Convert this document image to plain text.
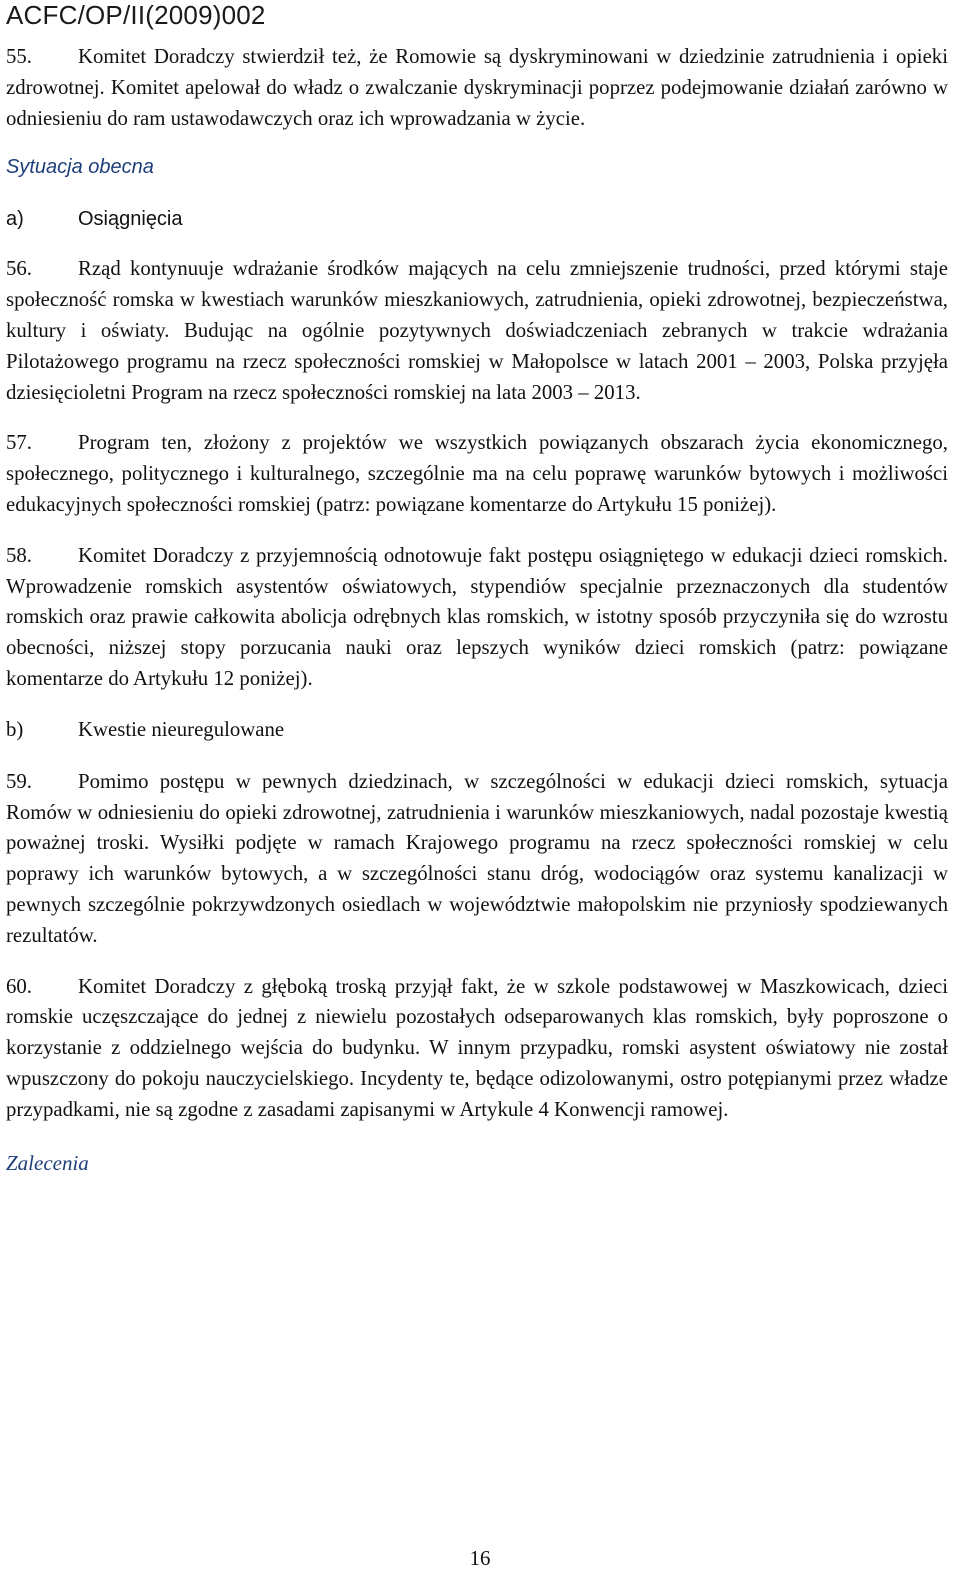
ACFC/OP/II(2009)002

55. Komitet Doradczy stwierdził też, że Romowie są dyskryminowani w dziedzinie zatrudnienia i opieki zdrowotnej. Komitet apelował do władz o zwalczanie dyskryminacji poprzez podejmowanie działań zarówno w odniesieniu do ram ustawodawczych oraz ich wprowadzania w życie.

Sytuacja obecna
a)	Osiągnięcia

56. Rząd kontynuuje wdrażanie środków mających na celu zmniejszenie trudności, przed którymi staje społeczność romska w kwestiach warunków mieszkaniowych, zatrudnienia, opieki zdrowotnej, bezpieczeństwa, kultury i oświaty. Budując na ogólnie pozytywnych doświadczeniach zebranych w trakcie wdrażania Pilotażowego programu na rzecz społeczności romskiej w Małopolsce w latach 2001 – 2003, Polska przyjęła dziesięcioletni Program na rzecz społeczności romskiej na lata 2003 – 2013.

57. Program ten, złożony z projektów we wszystkich powiązanych obszarach życia ekonomicznego, społecznego, politycznego i kulturalnego, szczególnie ma na celu poprawę warunków bytowych i możliwości edukacyjnych społeczności romskiej (patrz: powiązane komentarze do Artykułu 15 poniżej).

58. Komitet Doradczy z przyjemnością odnotowuje fakt postępu osiągniętego w edukacji dzieci romskich. Wprowadzenie romskich asystentów oświatowych, stypendiów specjalnie przeznaczonych dla studentów romskich oraz prawie całkowita abolicja odrębnych klas romskich, w istotny sposób przyczyniła się do wzrostu obecności, niższej stopy porzucania nauki oraz lepszych wyników dzieci romskich (patrz: powiązane komentarze do Artykułu 12 poniżej).

b)	Kwestie nieuregulowane

59. Pomimo postępu w pewnych dziedzinach, w szczególności w edukacji dzieci romskich, sytuacja Romów w odniesieniu do opieki zdrowotnej, zatrudnienia i warunków mieszkaniowych, nadal pozostaje kwestią poważnej troski. Wysiłki podjęte w ramach Krajowego programu na rzecz społeczności romskiej w celu poprawy ich warunków bytowych, a w szczególności stanu dróg, wodociągów oraz systemu kanalizacji w pewnych szczególnie pokrzywdzonych osiedlach w województwie małopolskim nie przyniosły spodziewanych rezultatów.

60. Komitet Doradczy z głęboką troską przyjął fakt, że w szkole podstawowej w Maszkowicach, dzieci romskie uczęszczające do jednej z niewielu pozostałych odseparowanych klas romskich, były poproszone o korzystanie z oddzielnego wejścia do budynku. W innym przypadku, romski asystent oświatowy nie został wpuszczony do pokoju nauczycielskiego. Incydenty te, będące odizolowanymi, ostro potępianymi przez władze przypadkami, nie są zgodne z zasadami zapisanymi w Artykule 4 Konwencji ramowej.

Zalecenia
16
